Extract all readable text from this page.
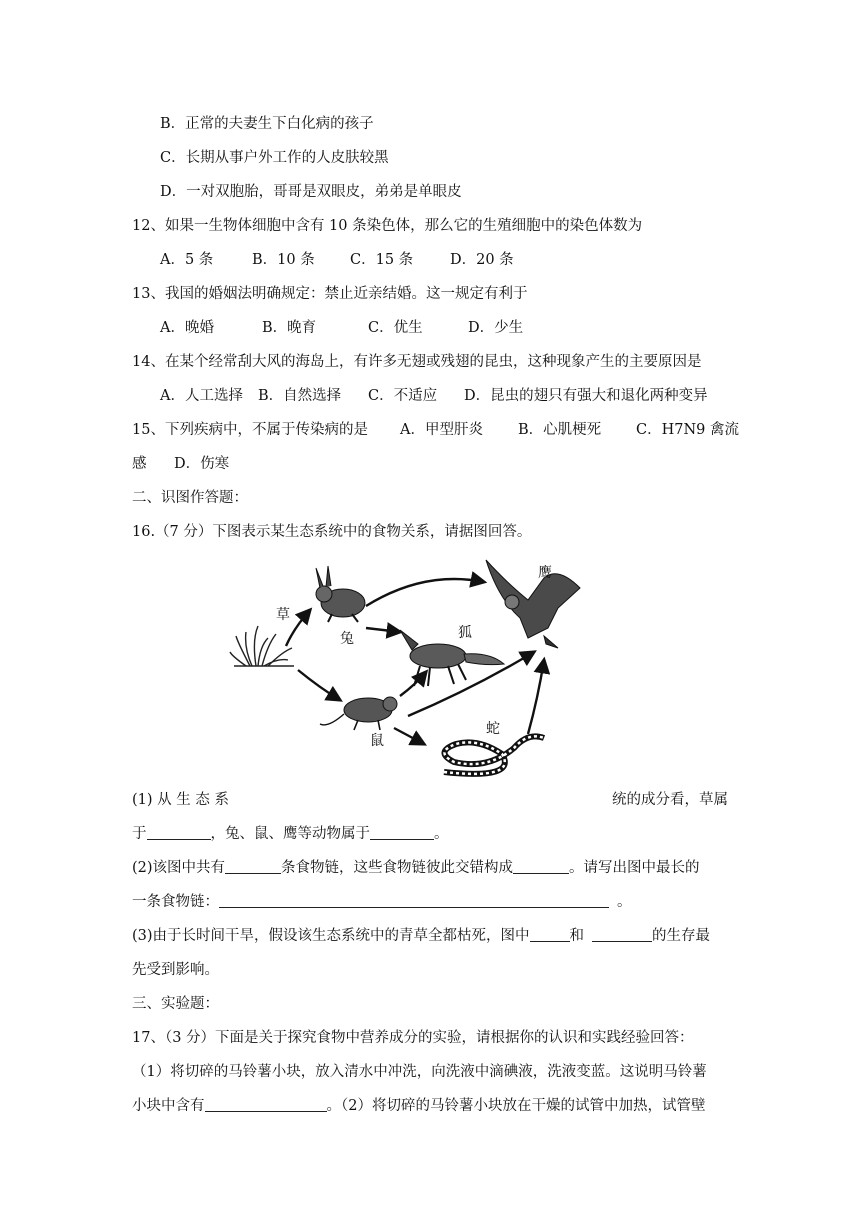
B．正常的夫妻生下白化病的孩子
C．长期从事户外工作的人皮肤较黑
D．一对双胞胎，哥哥是双眼皮，弟弟是单眼皮
12、如果一生物体细胞中含有 10 条染色体，那么它的生殖细胞中的染色体数为
A．5 条	B．10 条 C．15 条	D．20 条
13、我国的婚姻法明确规定：禁止近亲结婚。这一规定有利于
A．晚婚	B．晚育	C．优生	D．少生
14、在某个经常刮大风的海岛上，有许多无翅或残翅的昆虫，这种现象产生的主要原因是
A．人工选择 B．自然选择 C．不适应 D．昆虫的翅只有强大和退化两种变异
15、下列疾病中，不属于传染病的是 A．甲型肝炎 B．心肌梗死 C．H7N9 禽流
感 D．伤寒
二、识图作答题：
16.（7 分）下图表示某生态系统中的食物关系，请据图回答。
草
兔	狐
鹰
鼠
蛇
(1) 从 生 态 系	统的成分看，草属
于	，兔、鼠、鹰等动物属于	。
(2)该图中共有	条食物链，这些食物链彼此交错构成	。请写出图中最长的
一条食物链：	。
(3)由于长时间干旱，假设该生态系统中的青草全都枯死，图中	和	的生存最
先受到影响。
三、实验题：
17、（3 分）下面是关于探究食物中营养成分的实验，请根据你的认识和实践经验回答：
（1）将切碎的马铃薯小块，放入清水中冲洗，向洗液中滴碘液，洗液变蓝。这说明马铃薯
小块中含有	。（2）将切碎的马铃薯小块放在干燥的试管中加热，试管壁
